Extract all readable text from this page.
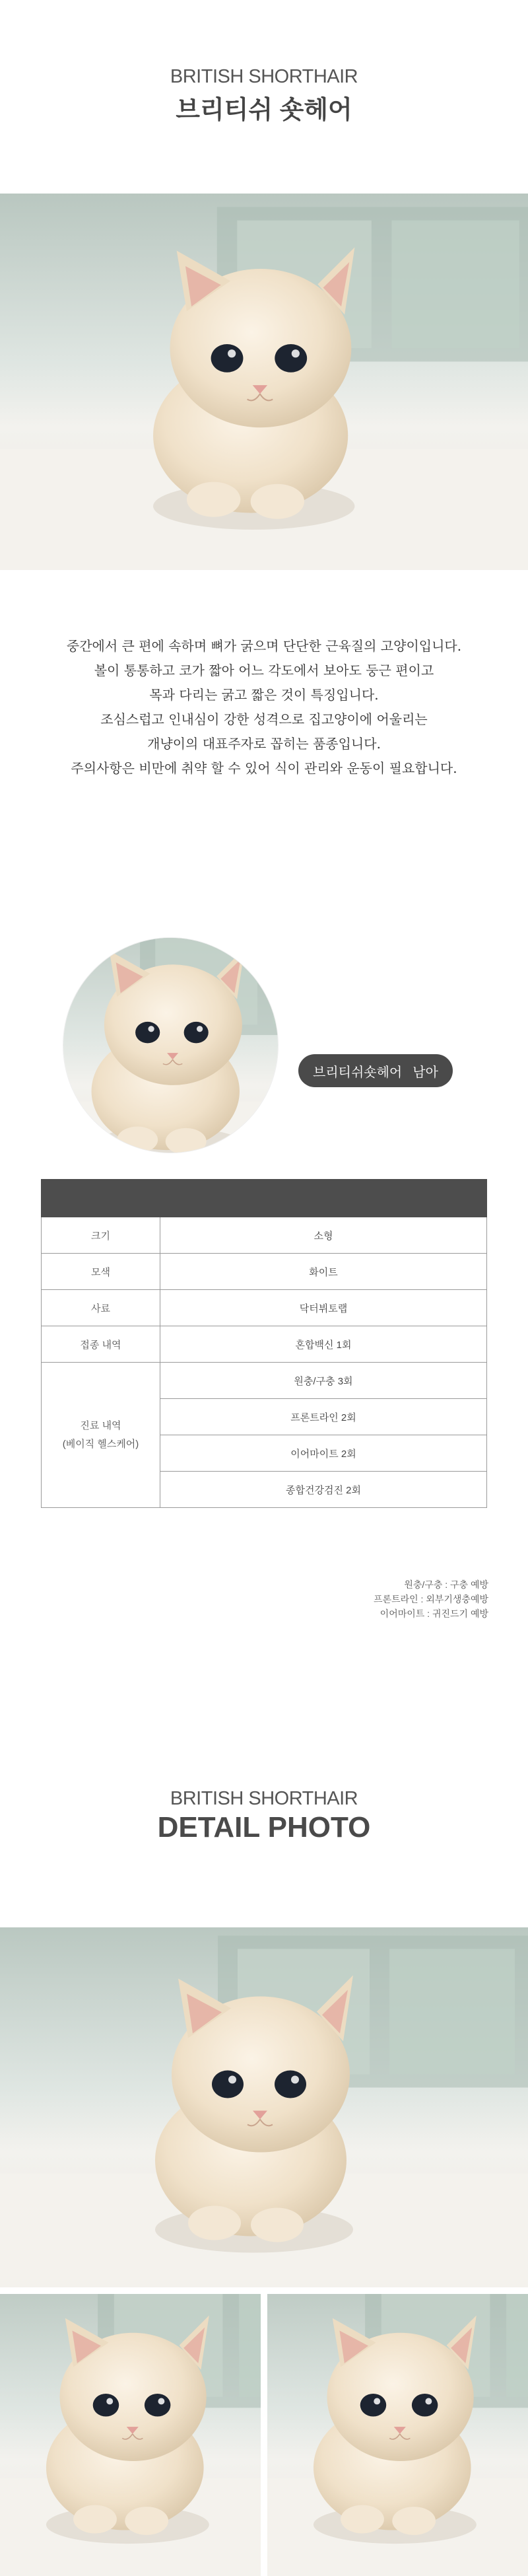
BRITISH SHORTHAIR
브리티쉬 숏헤어

중간에서 큰 편에 속하며 뼈가 굵으며 단단한 근육질의 고양이입니다.

볼이 통통하고 코가 짧아 어느 각도에서 보아도 둥근 편이고

목과 다리는 굵고 짧은 것이 특징입니다.

조심스럽고 인내심이 강한 성격으로 집고양이에 어울리는

개냥이의 대표주자로 꼽히는 품종입니다.

주의사항은 비만에 취약 할 수 있어 식이 관리와 운동이 필요합니다.

브리티쉬숏헤어 남아

크기	소형
모색	화이트
사료	닥터뷔토랩
접종 내역	혼합백신 1회

진료 내역
(베이직 헬스케어)	원충/구충 3회
	프론트라인 2회
	이어마이트 2회
	종합건강검진 2회
원충/구충 : 구충 예방
프론트라인 : 외부기생충예방
이어마이트 : 귀진드기 예방
BRITISH SHORTHAIR
DETAIL PHOTO
